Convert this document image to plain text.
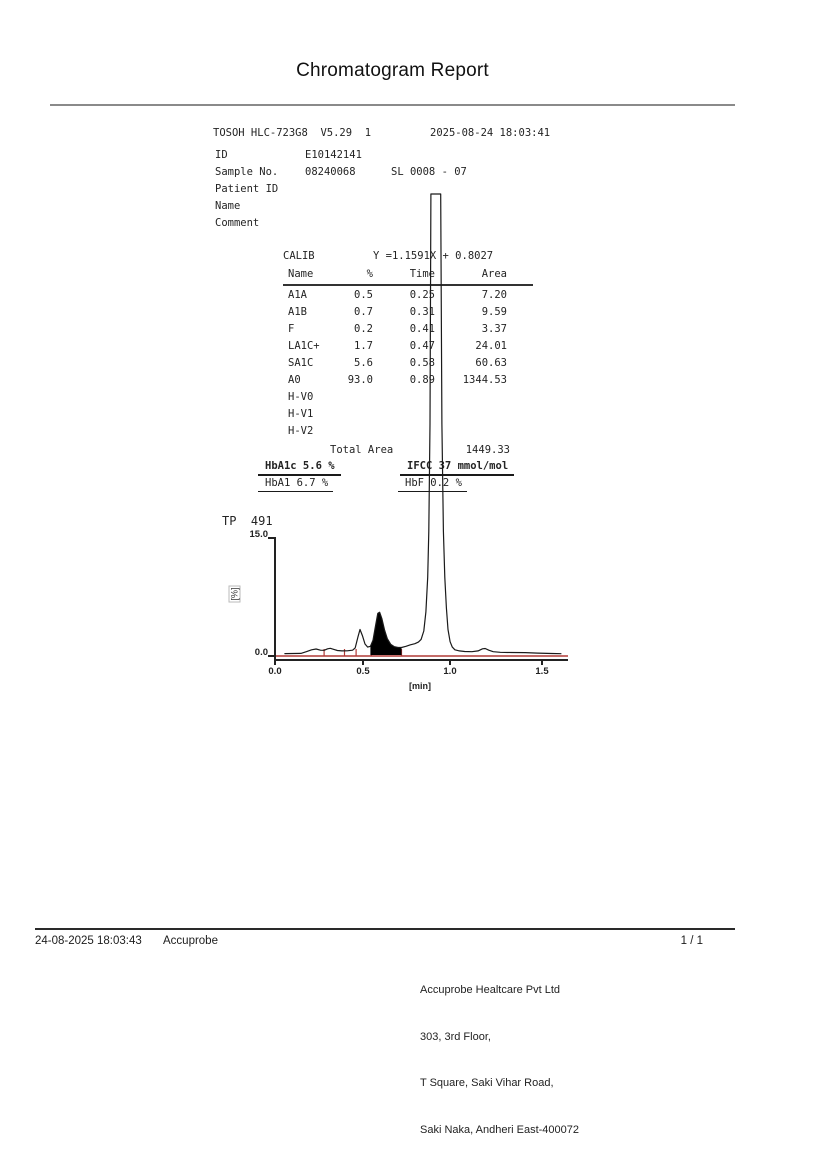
Chromatogram Report
TOSOH HLC-723G8  V5.29  1	2025-08-24 18:03:41
ID	E10142141
Sample No.	08240068	SL 0008 - 07
Patient ID
Name
Comment
CALIB	Y =1.1591X + 0.8027
Name	%	Time	Area
A1A	0.5	0.25	7.20
A1B	0.7	0.31	9.59
F	0.2	0.41	3.37
LA1C+	1.7	0.47	24.01
SA1C	5.6	0.58	60.63
A0	93.0	0.89	1344.53
H-V0
H-V1
H-V2
Total Area	1449.33
HbA1c 5.6 %	IFCC 37 mmol/mol
HbA1 6.7 %	HbF 0.2 %
TP  491
15.0
0.0
[%]
0.0	0.5	1.0	1.5
[min]
24-08-2025 18:03:43 Accuprobe	1 / 1

Accuprobe Healtcare Pvt Ltd

303, 3rd Floor,

T Square, Saki Vihar Road,

Saki Naka, Andheri East-400072
